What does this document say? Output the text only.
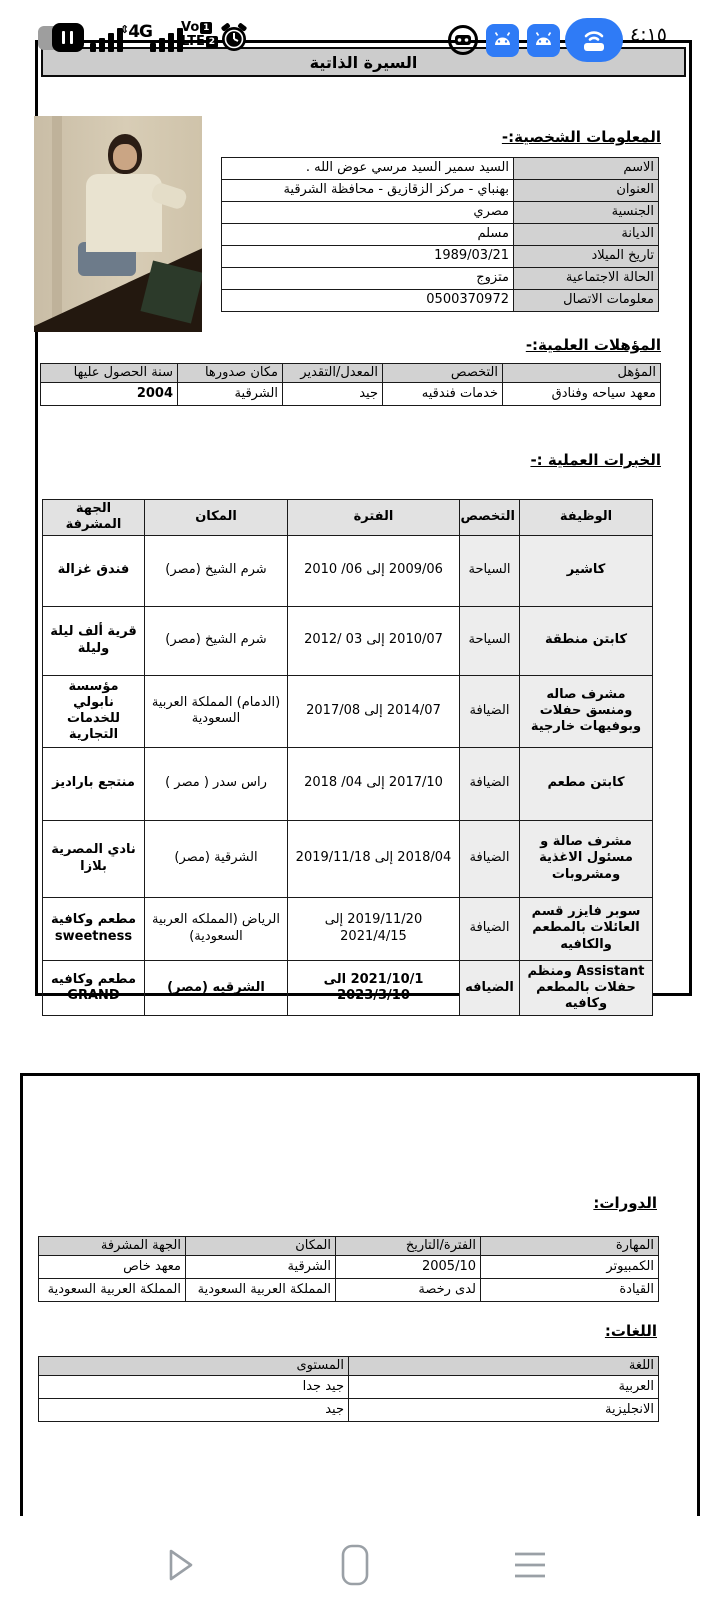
⇕4G Vo 1
LTE 2	٤:١٥
السيرة الذاتية
المعلومات الشخصية:-
الاسم	السيد سمير السيد مرسي عوض الله .
العنوان	بهنباي - مركز الزقازيق - محافظة الشرقية
الجنسية	مصري
الديانة	مسلم
تاريخ الميلاد	1989/03/21
الحالة الاجتماعية	متزوج
معلومات الاتصال	0500370972
المؤهلات العلمية:-
المؤهل	التخصص	المعدل/التقدير	مكان صدورها	سنة الحصول عليها
معهد سياحه وفنادق	خدمات فندقيه	جيد	الشرقية	2004
الخبرات العملية :-
الوظيفة	التخصص	الفترة	المكان	الجهة المشرفة
كاشير	السياحة	2009/06 إلى 06/ 2010	شرم الشيخ (مصر)	فندق غزالة
كابتن منطقة	السياحة	2010/07 إلى 03 /2012	شرم الشيخ (مصر)	قرية ألف ليلة وليلة
مشرف صاله ومنسق حفلات وبوفيهات خارجية	الضيافة	2014/07 إلى 2017/08	(الدمام) المملكة العربية السعودية	مؤسسة نابولي للخدمات التجارية
كابتن مطعم	الضيافة	2017/10 إلى 04/ 2018	راس سدر ( مصر )	منتجع باراديز
مشرف صالة و مسئول الاغذية ومشروبات	الضيافة	2018/04 إلى 2019/11/18	الشرقية (مصر)	نادي المصرية بلازا
سوبر فايزر قسم العائلات بالمطعم والكافيه	الضيافة	2019/11/20 إلى 2021/4/15	الرياض (المملكه العربية السعودية)	مطعم وكافية sweetness
Assistant ومنظم حفلات بالمطعم وكافيه	الضيافه	2021/10/1 الى 2023/3/10	الشرقيه (مصر)	مطعم وكافيه GRAND
الدورات:
المهارة	الفترة/التاريخ	المكان	الجهة المشرفة
الكمبيوتر	2005/10	الشرقية	معهد خاص
القيادة	لدى رخصة	المملكة العربية السعودية	المملكة العربية السعودية
اللغات:
اللغة	المستوى
العربية	جيد جدا
الانجليزية	جيد
